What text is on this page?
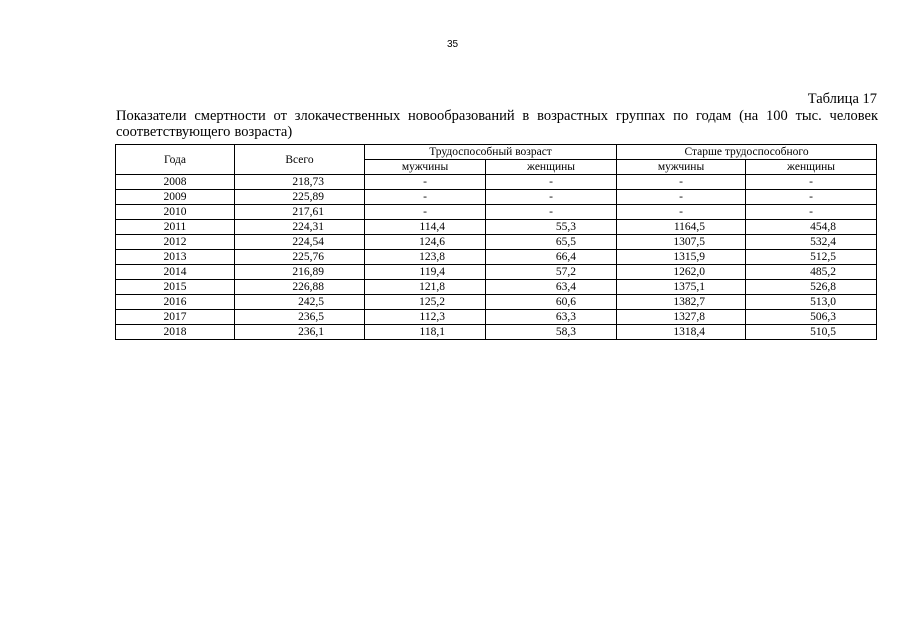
35
Таблица 17
Показатели смертности от злокачественных новообразований в возрастных группах по годам (на 100 тыс. человек соответствующего возраста)
Года	Всего	Трудоспособный возраст		Старше трудоспособного	
		мужчины	женщины	мужчины	женщины
2008	218,73	-	-	-	-
2009	225,89	-	-	-	-
2010	217,61	-	-	-	-
2011	224,31	114,4	55,3	1164,5	454,8
2012	224,54	124,6	65,5	1307,5	532,4
2013	225,76	123,8	66,4	1315,9	512,5
2014	216,89	119,4	57,2	1262,0	485,2
2015	226,88	121,8	63,4	1375,1	526,8
2016	242,5	125,2	60,6	1382,7	513,0
2017	236,5	112,3	63,3	1327,8	506,3
2018	236,1	118,1	58,3	1318,4	510,5
